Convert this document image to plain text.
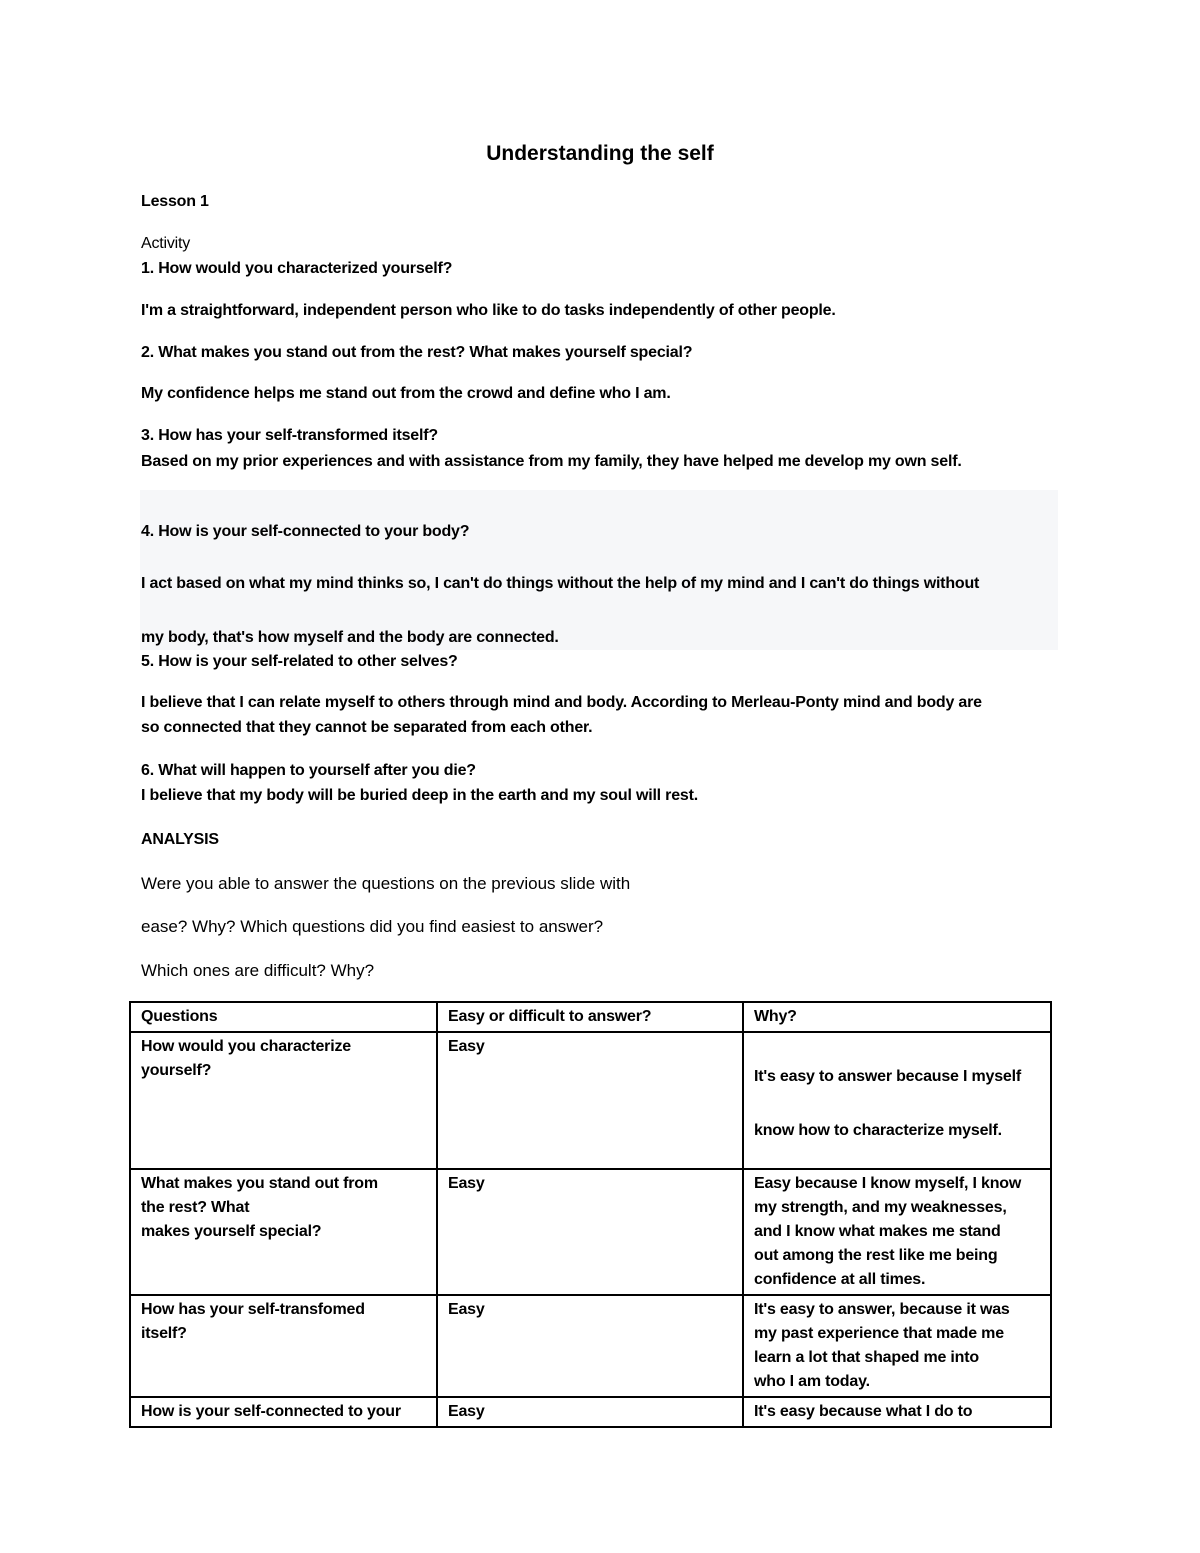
Understanding the self
Lesson 1
Activity
1. How would you characterized yourself?
I'm a straightforward, independent person who like to do tasks independently of other people.
2. What makes you stand out from the rest? What makes yourself special?
My confidence helps me stand out from the crowd and define who I am.
3. How has your self-transformed itself?
Based on my prior experiences and with assistance from my family, they have helped me develop my own self.
4. How is your self-connected to your body?
I act based on what my mind thinks so, I can't do things without the help of my mind and I can't do things without
my body, that's how myself and the body are connected.
5. How is your self-related to other selves?
I believe that I can relate myself to others through mind and body. According to Merleau-Ponty mind and body are
so connected that they cannot be separated from each other.
6. What will happen to yourself after you die?
I believe that my body will be buried deep in the earth and my soul will rest.
ANALYSIS
Were you able to answer the questions on the previous slide with
ease? Why? Which questions did you find easiest to answer?
Which ones are difficult? Why?
Questions	Easy or difficult to answer?	Why?

How would you characterize
yourself?	Easy	It's easy to answer because I myself
know how to characterize myself.

What makes you stand out from
the rest? What
makes yourself special?	Easy	Easy because I know myself, I know
my strength, and my weaknesses,
and I know what makes me stand
out among the rest like me being
confidence at all times.

How has your self-transfomed
itself?	Easy	It's easy to answer, because it was
my past experience that made me
learn a lot that shaped me into
who I am today.

How is your self-connected to your	Easy	It's easy because what I do to
